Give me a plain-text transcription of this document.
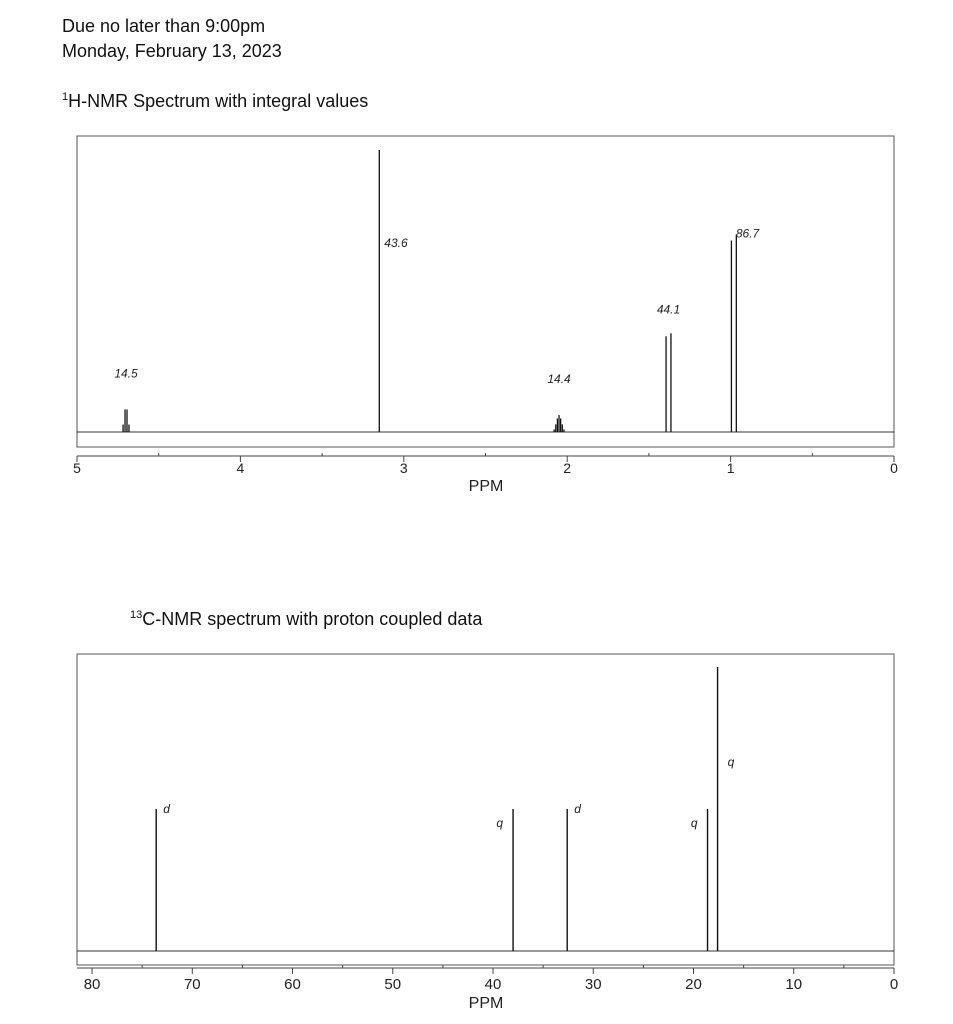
Due no later than 9:00pm
Monday, February 13, 2023
$^1$H-NMR Spectrum with integral values
$^{13}$C-NMR spectrum with proton coupled data
5	4	3	2	1	0
PPM
14.5
43.6
14.4
44.1
86.7
80	70	60	50	40	30	20	10	0
PPM
d
q
d
q
q
